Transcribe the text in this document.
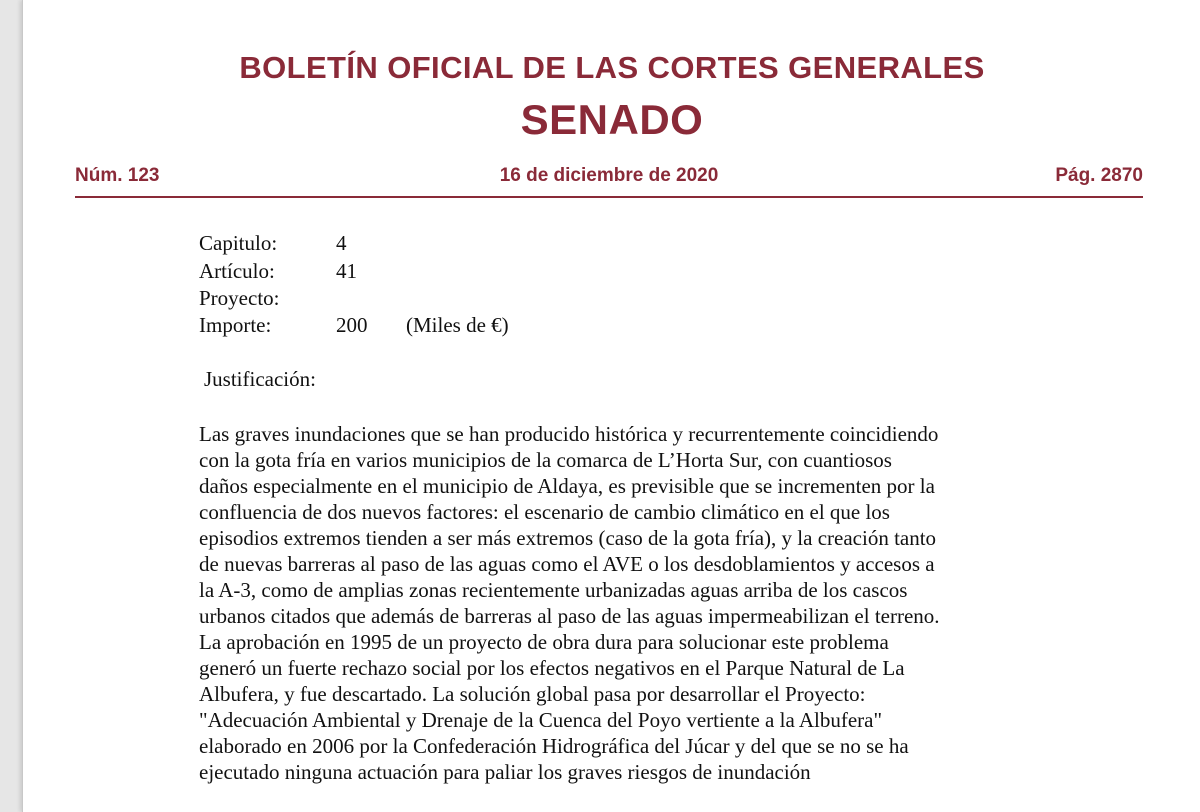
BOLETÍN OFICIAL DE LAS CORTES GENERALES
SENADO
Núm. 123	16 de diciembre de 2020	Pág. 2870
Capitulo:	4
Artículo:	41
Proyecto:
Importe:	200 (Miles de €)
Justificación:
Las graves inundaciones que se han producido histórica y recurrentemente coincidiendo
con la gota fría en varios municipios de la comarca de L’Horta Sur, con cuantiosos
daños especialmente en el municipio de Aldaya, es previsible que se incrementen por la
confluencia de dos nuevos factores: el escenario de cambio climático en el que los
episodios extremos tienden a ser más extremos (caso de la gota fría), y la creación tanto
de nuevas barreras al paso de las aguas como el AVE o los desdoblamientos y accesos a
la A-3, como de amplias zonas recientemente urbanizadas aguas arriba de los cascos
urbanos citados que además de barreras al paso de las aguas impermeabilizan el terreno.
La aprobación en 1995 de un proyecto de obra dura para solucionar este problema
generó un fuerte rechazo social por los efectos negativos en el Parque Natural de La
Albufera, y fue descartado. La solución global pasa por desarrollar el Proyecto:
"Adecuación Ambiental y Drenaje de la Cuenca del Poyo vertiente a la Albufera"
elaborado en 2006 por la Confederación Hidrográfica del Júcar y del que se no se ha
ejecutado ninguna actuación para paliar los graves riesgos de inundación
